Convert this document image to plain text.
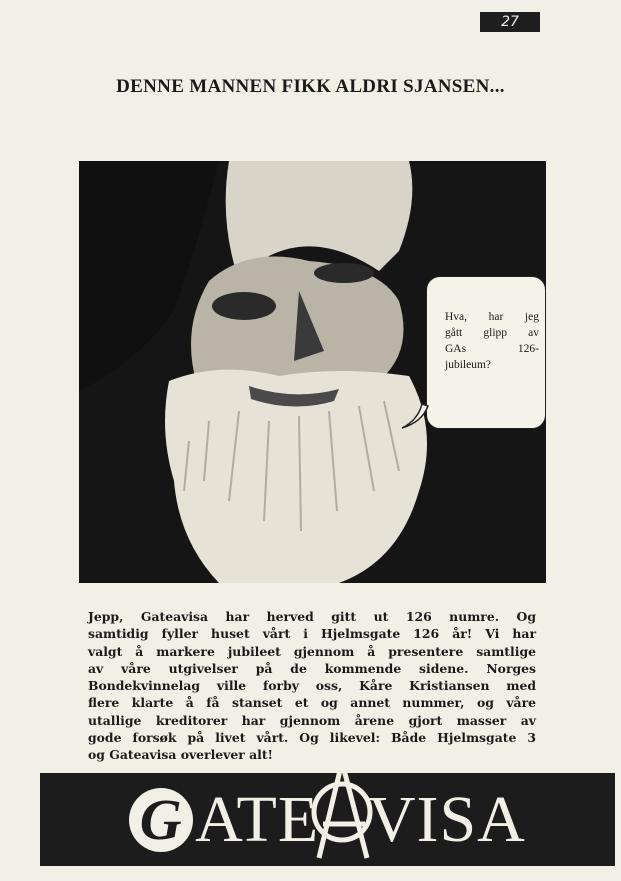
27
DENNE MANNEN FIKK ALDRI SJANSEN...
Hva, har jeg
gått glipp av
GAs 126-
jubileum?
Jepp, Gateavisa har herved gitt ut 126 numre. Og
samtidig fyller huset vårt i Hjelmsgate 126 år! Vi har
valgt å markere jubileet gjennom å presentere samtlige
av våre utgivelser på de kommende sidene. Norges
Bondekvinnelag ville forby oss, Kåre Kristiansen med
flere klarte å få stanset et og annet nummer, og våre
utallige kreditorer har gjennom årene gjort masser av
gode forsøk på livet vårt. Og likevel: Både Hjelmsgate 3
og Gateavisa overlever alt!
G ATE VISA
